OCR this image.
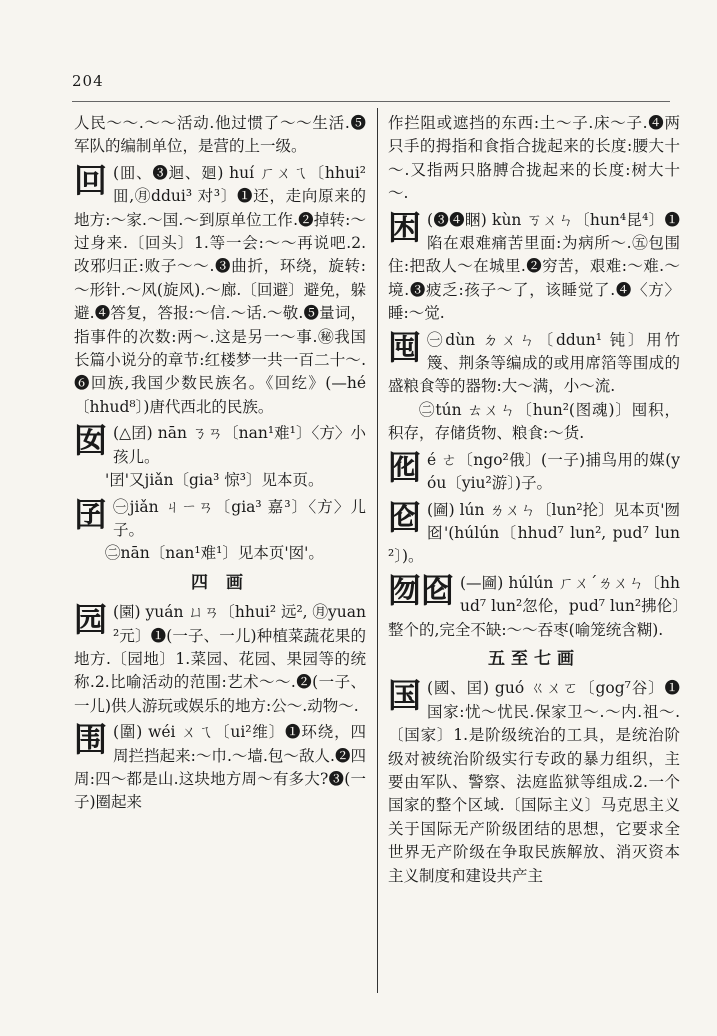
204

人民～～.～～活动.他过惯了～～生活.❺军队的编制单位，是营的上一级。

回 (囬、❸迴、廻) huí ㄏㄨㄟ〔hhui²囬,㊊ddui³ 对³〕❶还，走向原来的地方:～家.～国.～到原单位工作.❷掉转:～过身来.〔回头〕1.等一会:～～再说吧.2.改邪归正:败子～～.❸曲折，环绕，旋转:～形针.～风(旋风).～廊.〔回避〕避免，躲避.❹答复，答报:～信.～话.～敬.❺量词，指事件的次数:两～.这是另一～事.㊙我国长篇小说分的章节:红楼梦一共一百二十～.❻回族,我国少数民族名。《回纥》(—hé〔hhud⁸〕)唐代西北的民族。
囡 (△囝) nān ㄋㄢ〔nan¹难¹〕〈方〉小孩儿。

'囝'又jiǎn〔gia³ 惊³〕见本页。

囝 ㊀jiǎn ㄐㄧㄢ〔gia³ 嘉³〕〈方〉儿子。

㊁nān〔nan¹难¹〕见本页'囡'。

四 画
园 (園) yuán ㄩㄢ〔hhui² 远², ㊊yuan²元〕❶(一子、一儿)种植菜蔬花果的地方.〔园地〕1.菜园、花园、果园等的统称.2.比喻活动的范围:艺术～～.❷(一子、一儿)供人游玩或娱乐的地方:公～.动物～.
围 (圍) wéi ㄨㄟ〔ui²维〕❶环绕，四周拦挡起来:～巾.～墙.包～敌人.❷四周:四～都是山.这块地方周～有多大?❸(一子)圈起来

作拦阻或遮挡的东西:土～子.床～子.❹两只手的拇指和食指合拢起来的长度:腰大十～.又指两只胳膊合拢起来的长度:树大十～.

困 (❸❹睏) kùn ㄎㄨㄣ〔hun⁴昆⁴〕❶陷在艰难痛苦里面:为病所～.㊄包围住:把敌人～在城里.❷穷苦，艰难:～难.～境.❸疲乏:孩子～了，该睡觉了.❹〈方〉睡:～觉.
囤 ㊀dùn ㄉㄨㄣ〔ddun¹ 钝〕用竹篾、荆条等编成的或用席箔等围成的盛粮食等的器物:大～满，小～流.

㊁tún ㄊㄨㄣ〔hun²(图魂)〕囤积，积存，存储货物、粮食:～货.

囮 é ㄜ〔ngo²俄〕(一子)捕鸟用的媒(yóu〔yiu²游〕)子。
囵 (圇) lún ㄌㄨㄣ〔lun²抡〕见本页'囫囵'(húlún〔hhud⁷ lun², pud⁷ lun²〕)。
囫囵 (—圇) húlún ㄏㄨˊㄌㄨㄣ〔hhud⁷ lun²忽伦，pud⁷ lun²拂伦〕整个的,完全不缺:～～吞枣(喻笼统含糊).
五至七画
国 (國、囯) guó ㄍㄨㄛ〔gog⁷谷〕❶国家:忧～忧民.保家卫～.～内.祖～.〔国家〕1.是阶级统治的工具，是统治阶级对被统治阶级实行专政的暴力组织，主要由军队、警察、法庭监狱等组成.2.一个国家的整个区域.〔国际主义〕马克思主义关于国际无产阶级团结的思想，它要求全世界无产阶级在争取民族解放、消灭资本主义制度和建设共产主
